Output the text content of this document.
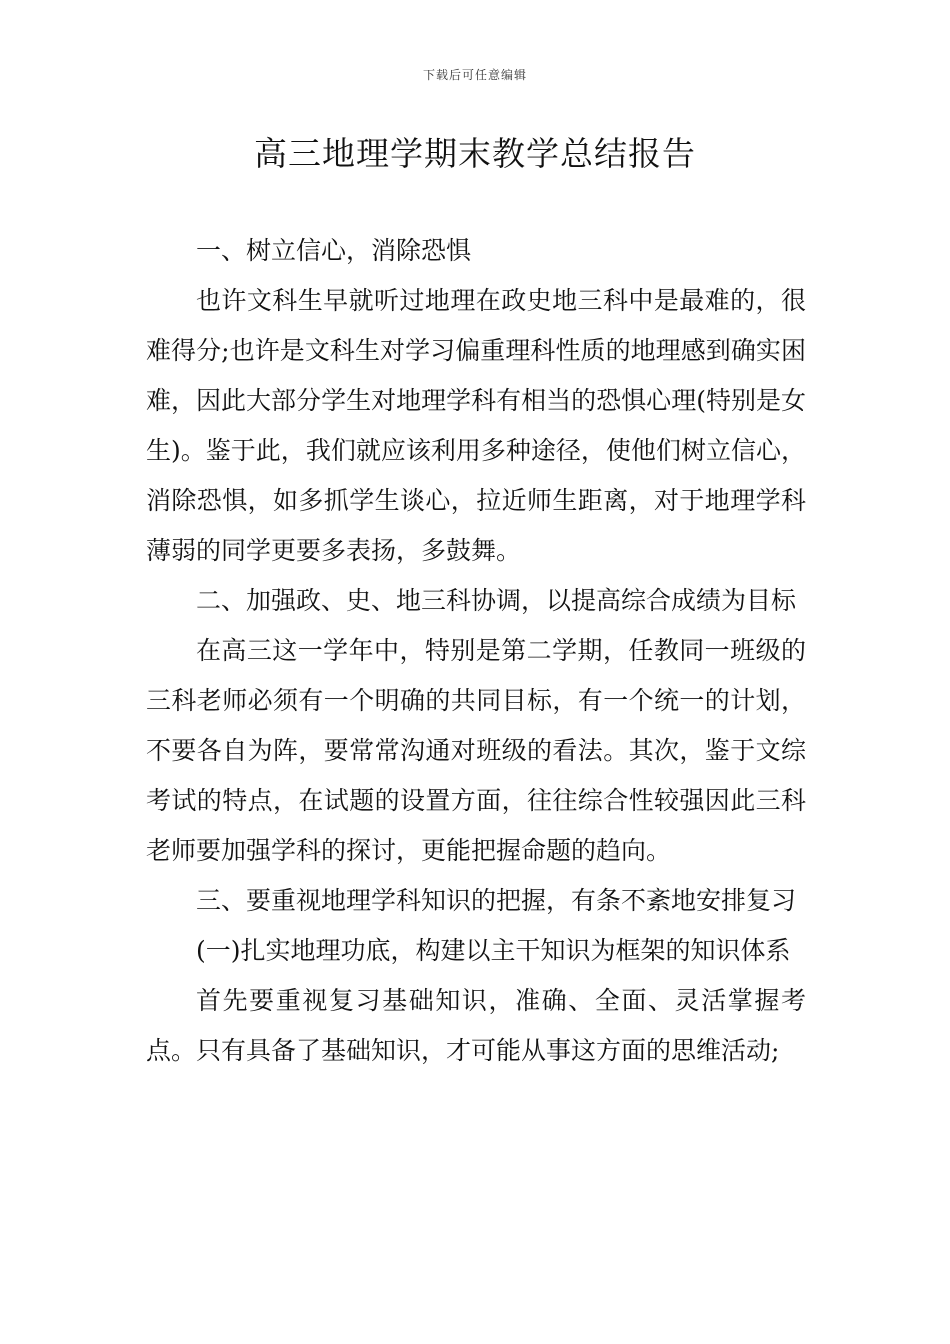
下载后可任意编辑
高三地理学期末教学总结报告

一、树立信心，消除恐惧

也许文科生早就听过地理在政史地三科中是最难的，很难得分;也许是文科生对学习偏重理科性质的地理感到确实困难，因此大部分学生对地理学科有相当的恐惧心理(特别是女生)。鉴于此，我们就应该利用多种途径，使他们树立信心，消除恐惧，如多抓学生谈心，拉近师生距离，对于地理学科薄弱的同学更要多表扬，多鼓舞。

二、加强政、史、地三科协调，以提高综合成绩为目标

在高三这一学年中，特别是第二学期，任教同一班级的三科老师必须有一个明确的共同目标，有一个统一的计划，不要各自为阵，要常常沟通对班级的看法。其次，鉴于文综考试的特点，在试题的设置方面，往往综合性较强因此三科老师要加强学科的探讨，更能把握命题的趋向。

三、要重视地理学科知识的把握，有条不紊地安排复习

(一)扎实地理功底，构建以主干知识为框架的知识体系

首先要重视复习基础知识，准确、全面、灵活掌握考点。只有具备了基础知识，才可能从事这方面的思维活动;
